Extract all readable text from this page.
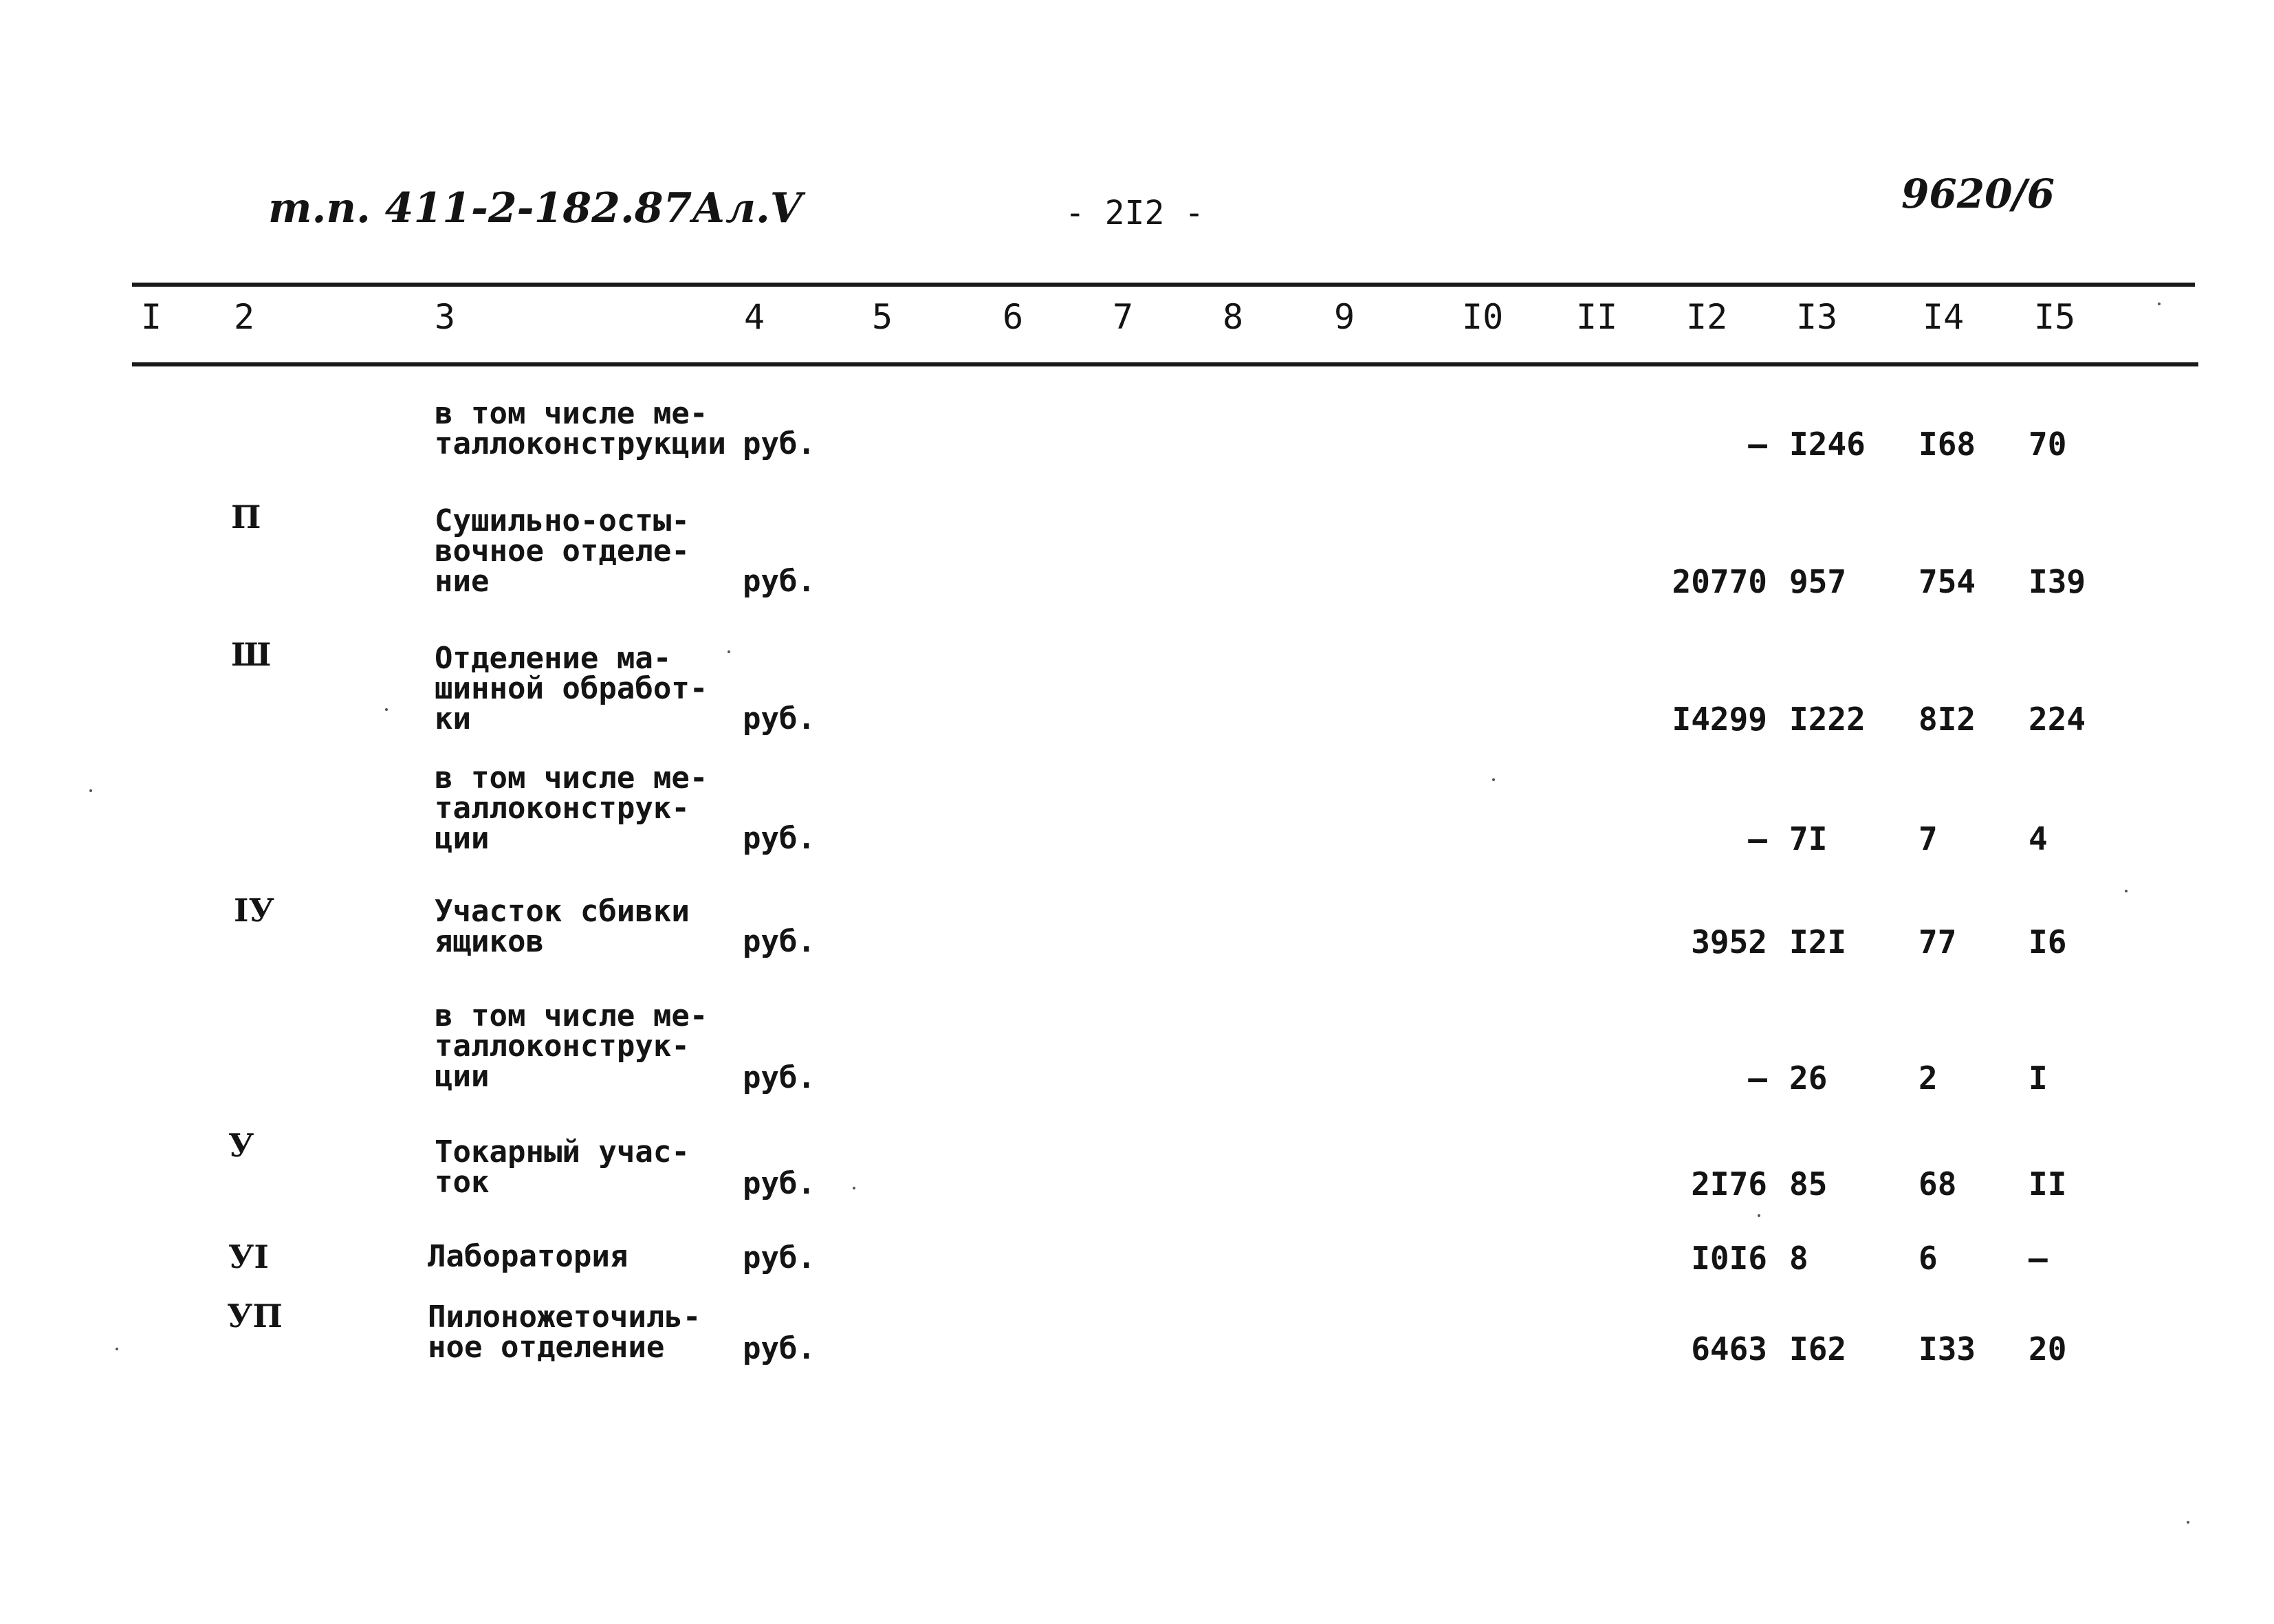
т.п. 411-2-182.87Ал.V	- 2I2 -	9620/6
I 2	3	4	5	6	7	8	9	I0 II I2 I3 I4 I5
в том числе ме-
таллоконструкции руб.	– I246 I68 70
П	Сушильно-осты-
вочное отделе-
ние	руб.	20770 957 754 I39
Ш	Отделение ма-
шинной обработ-
ки	руб.	I4299 I222 8I2 224
в том числе ме-
таллоконструк-
ции	руб.	– 7I	7	4
IУ	Участок сбивки
ящиков	руб.	3952 I2I 77 I6
в том числе ме-
таллоконструк-
ции	руб.	– 26	2	I
У	Токарный учас-
ток	руб.	2I76 85	68 II
УI	Лаборатория	руб.	I0I6 8	6	–
УП	Пилоножеточиль-
ное отделение	руб.	6463 I62 I33 20
